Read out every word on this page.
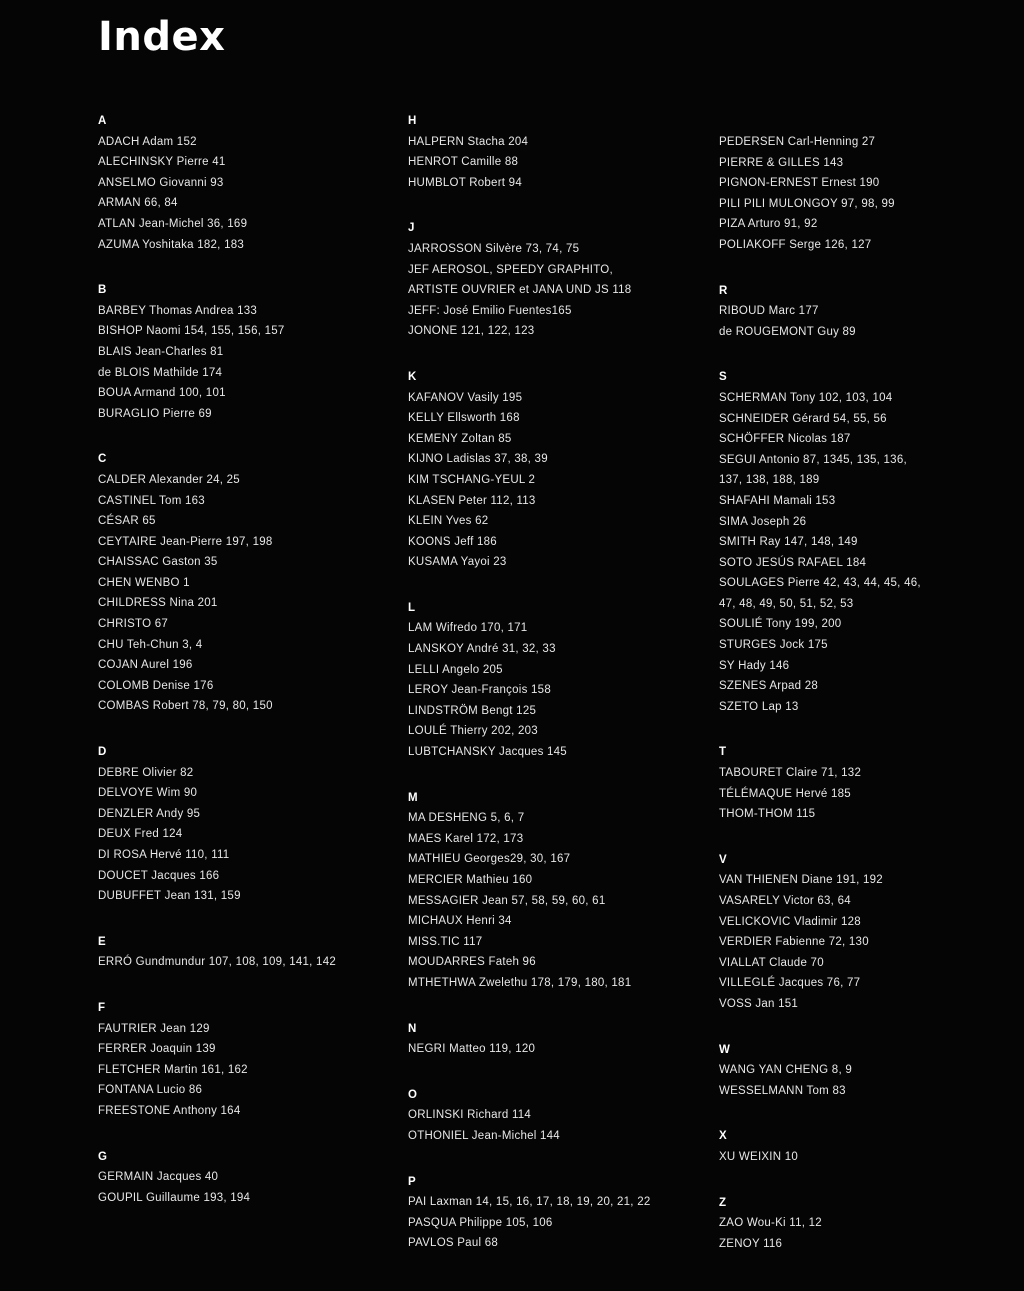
Index
A
ADACH Adam 152
ALECHINSKY Pierre 41
ANSELMO Giovanni 93
ARMAN 66, 84
ATLAN Jean-Michel 36, 169
AZUMA Yoshitaka 182, 183
B
BARBEY Thomas Andrea 133
BISHOP Naomi 154, 155, 156, 157
BLAIS Jean-Charles 81
de BLOIS Mathilde 174
BOUA Armand 100, 101
BURAGLIO Pierre 69
C
CALDER Alexander 24, 25
CASTINEL Tom 163
CÉSAR 65
CEYTAIRE Jean-Pierre 197, 198
CHAISSAC Gaston 35
CHEN WENBO 1
CHILDRESS Nina 201
CHRISTO 67
CHU Teh-Chun 3, 4
COJAN Aurel 196
COLOMB Denise 176
COMBAS Robert 78, 79, 80, 150
D
DEBRE Olivier 82
DELVOYE Wim 90
DENZLER Andy 95
DEUX Fred 124
DI ROSA Hervé 110, 111
DOUCET Jacques 166
DUBUFFET Jean 131, 159
E
ERRÓ Gundmundur 107, 108, 109, 141, 142
F
FAUTRIER Jean 129
FERRER Joaquin 139
FLETCHER Martin 161, 162
FONTANA Lucio 86
FREESTONE Anthony 164
G
GERMAIN Jacques 40
GOUPIL Guillaume 193, 194
H
HALPERN Stacha 204
HENROT Camille 88
HUMBLOT Robert 94
J
JARROSSON Silvère 73, 74, 75
JEF AEROSOL, SPEEDY GRAPHITO,
ARTISTE OUVRIER et JANA UND JS 118
JEFF: José Emilio Fuentes165
JONONE 121, 122, 123
K
KAFANOV Vasily 195
KELLY Ellsworth 168
KEMENY Zoltan 85
KIJNO Ladislas 37, 38, 39
KIM TSCHANG-YEUL 2
KLASEN Peter 112, 113
KLEIN Yves 62
KOONS Jeff 186
KUSAMA Yayoi 23
L
LAM Wifredo 170, 171
LANSKOY André 31, 32, 33
LELLI Angelo 205
LEROY Jean-François 158
LINDSTRÖM Bengt 125
LOULÉ Thierry 202, 203
LUBTCHANSKY Jacques 145
M
MA DESHENG 5, 6, 7
MAES Karel 172, 173
MATHIEU Georges29, 30, 167
MERCIER Mathieu 160
MESSAGIER Jean 57, 58, 59, 60, 61
MICHAUX Henri 34
MISS.TIC 117
MOUDARRES Fateh 96
MTHETHWA Zwelethu 178, 179, 180, 181
N
NEGRI Matteo 119, 120
O
ORLINSKI Richard 114
OTHONIEL Jean-Michel 144
P
PAI Laxman 14, 15, 16, 17, 18, 19, 20, 21, 22
PASQUA Philippe 105, 106
PAVLOS Paul 68
PEDERSEN Carl-Henning 27
PIERRE & GILLES 143
PIGNON-ERNEST Ernest 190
PILI PILI MULONGOY 97, 98, 99
PIZA Arturo 91, 92
POLIAKOFF Serge 126, 127
R
RIBOUD Marc 177
de ROUGEMONT Guy 89
S
SCHERMAN Tony 102, 103, 104
SCHNEIDER Gérard 54, 55, 56
SCHÖFFER Nicolas 187
SEGUI Antonio 87, 1345, 135, 136,
137, 138, 188, 189
SHAFAHI Mamali 153
SIMA Joseph 26
SMITH Ray 147, 148, 149
SOTO JESÚS RAFAEL 184
SOULAGES Pierre 42, 43, 44, 45, 46,
47, 48, 49, 50, 51, 52, 53
SOULIÉ Tony 199, 200
STURGES Jock 175
SY Hady 146
SZENES Arpad 28
SZETO Lap 13
T
TABOURET Claire 71, 132
TÉLÉMAQUE Hervé 185
THOM-THOM 115
V
VAN THIENEN Diane 191, 192
VASARELY Victor 63, 64
VELICKOVIC Vladimir 128
VERDIER Fabienne 72, 130
VIALLAT Claude 70
VILLEGLÉ Jacques 76, 77
VOSS Jan 151
W
WANG YAN CHENG 8, 9
WESSELMANN Tom 83
X
XU WEIXIN 10
Z
ZAO Wou-Ki 11, 12
ZENOY 116
